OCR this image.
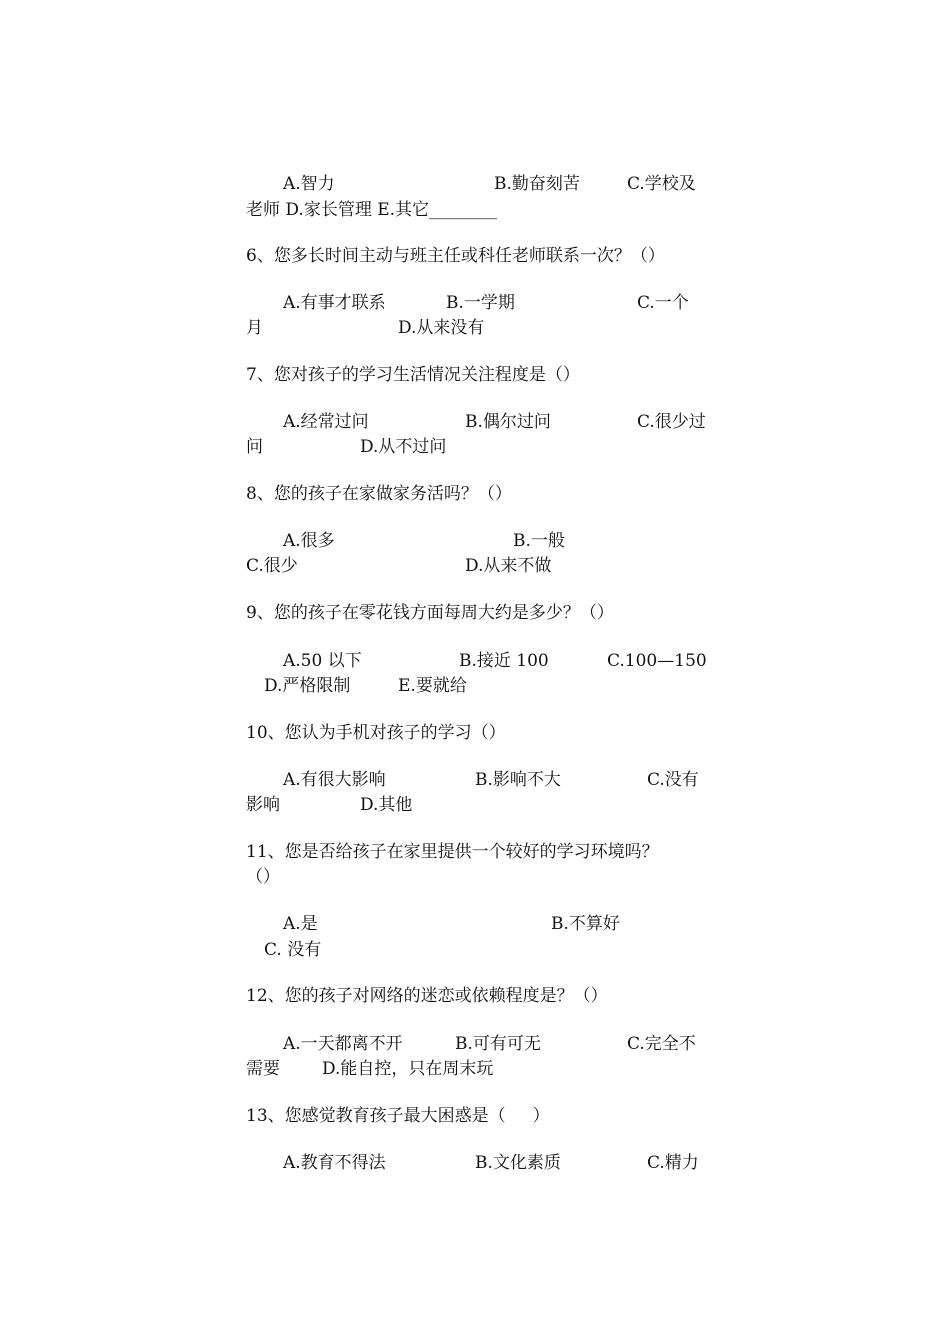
A.智力	B.勤奋刻苦	C.学校及
老师 D.家长管理 E.其它________
6、您多长时间主动与班主任或科任老师联系一次？（）
A.有事才联系	B.一学期	C.一个
月	D.从来没有
7、您对孩子的学习生活情况关注程度是（）
A.经常过问	B.偶尔过问	C.很少过
问	D.从不过问
8、您的孩子在家做家务活吗？（）
A.很多	B.一般
C.很少	D.从来不做
9、您的孩子在零花钱方面每周大约是多少？（）
A.50 以下	B.接近 100	C.100—150
D.严格限制	E.要就给
10、您认为手机对孩子的学习（）
A.有很大影响	B.影响不大	C.没有
影响	D.其他
11、您是否给孩子在家里提供一个较好的学习环境吗？
（）
A.是	B.不算好
C. 没有
12、您的孩子对网络的迷恋或依赖程度是？（）
A.一天都离不开	B.可有可无	C.完全不
需要 D.能自控，只在周末玩
13、您感觉教育孩子最大困惑是（     ）
A.教育不得法	B.文化素质	C.精力
